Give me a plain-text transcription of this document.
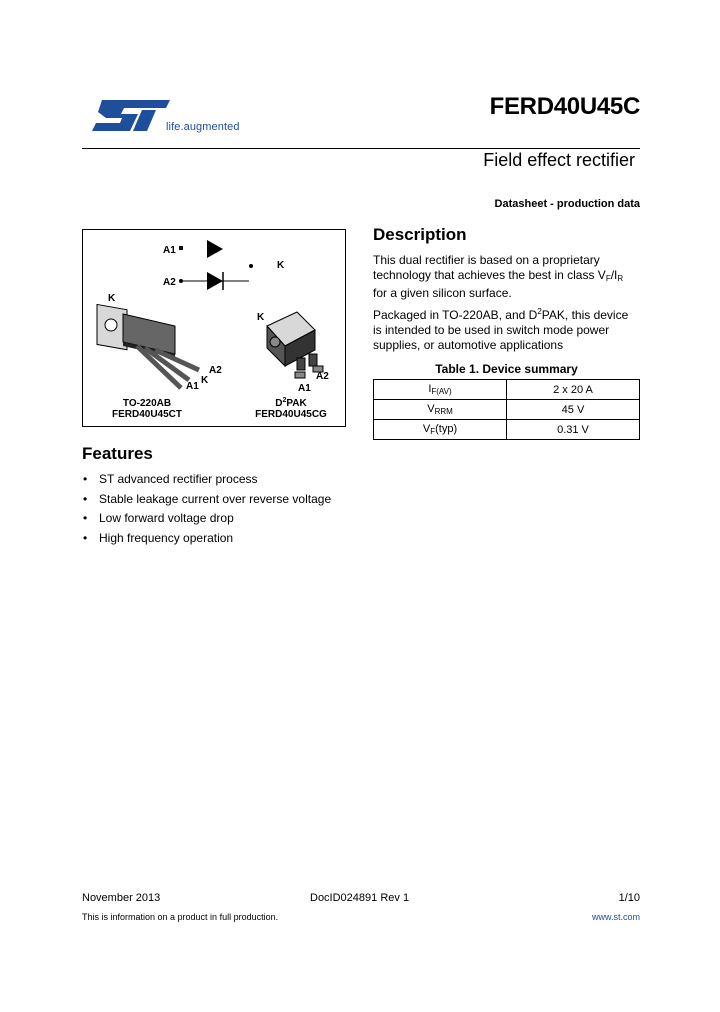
life.augmented
FERD40U45C
Field effect rectifier
Datasheet - production data
A1
A2
K
K
A2
K
A1
TO-220AB
FERD40U45CT
K
A2
A1
$D^2PAK$
FERD40U45CG
Description
This dual rectifier is based on a proprietary
technology that achieves the best in class $V_F/I_R$
for a given silicon surface.
Packaged in TO-220AB, and $D^2PAK$, this device
is intended to be used in switch mode power
supplies, or automotive applications
Table 1. Device summary
$I_{F(AV)}$	2 x 20 A
$V_{RRM}$	45 V
$V_F(typ)$	0.31 V
Features
• ST advanced rectifier process
• Stable leakage current over reverse voltage
• Low forward voltage drop
• High frequency operation
November 2013	DocID024891 Rev 1	1/10
This is information on a product in full production.	www.st.com
